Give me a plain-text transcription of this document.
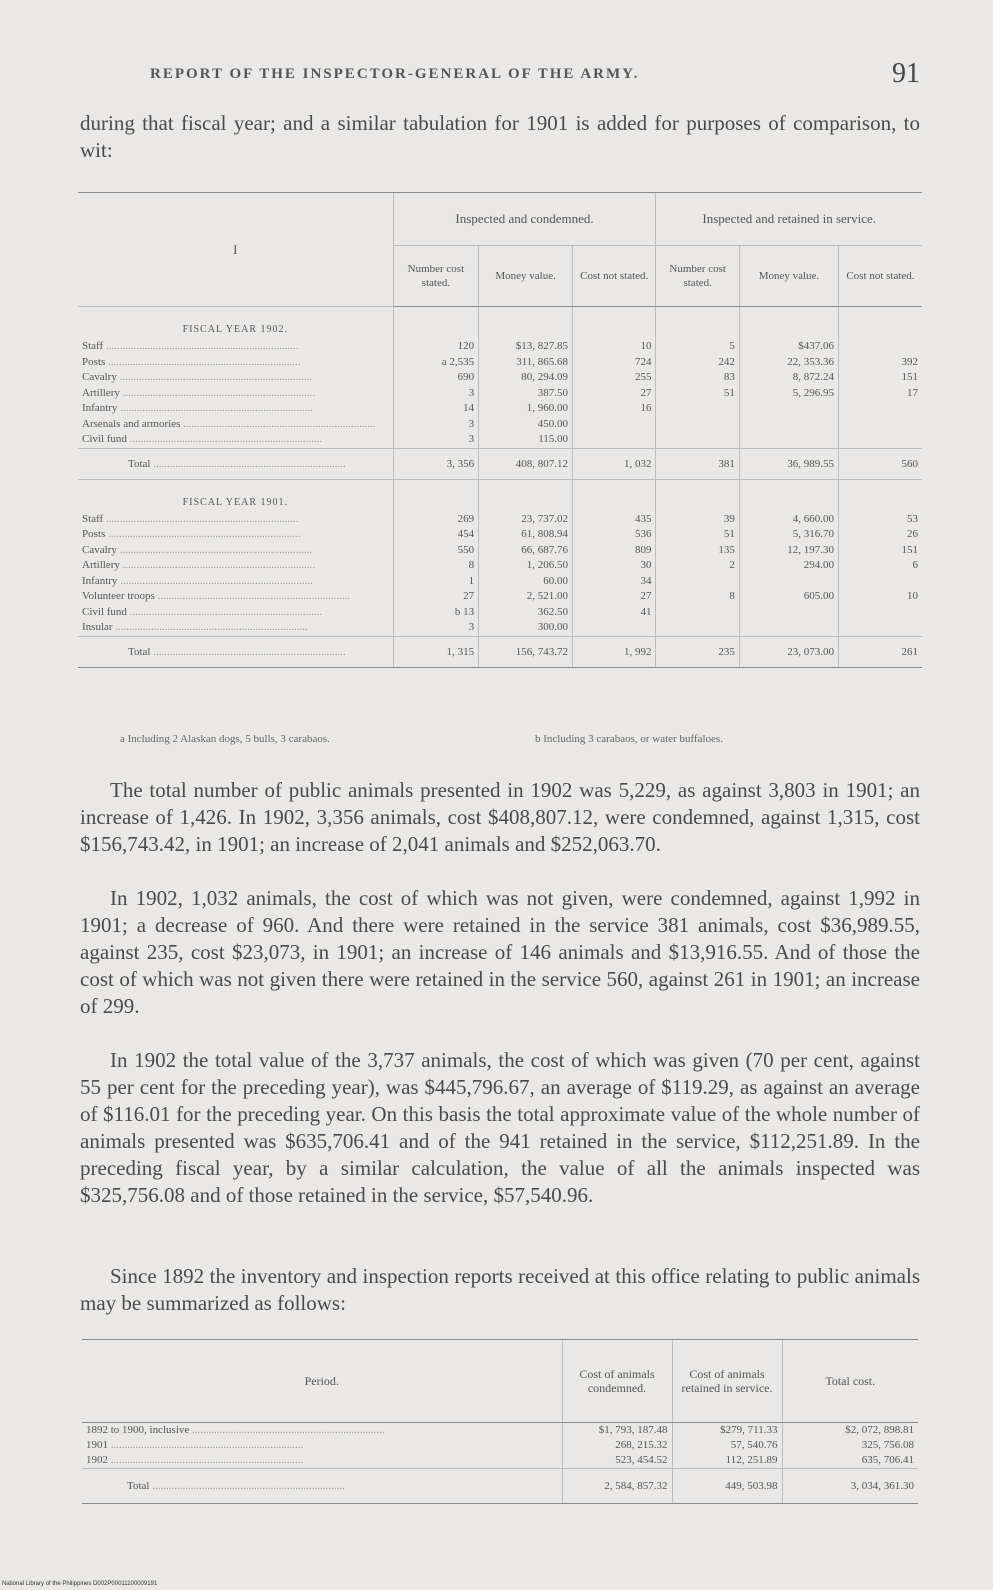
REPORT OF THE INSPECTOR-GENERAL OF THE ARMY.	91

during that fiscal year; and a similar tabulation for 1901 is added for purposes of comparison, to wit:

I	Inspected and condemned.			Inspected and retained in service.		
	Number cost stated.	Money value.	Cost not stated.	Number cost stated.	Money value.	Cost not stated.
FISCAL YEAR 1902.						
Staff .....	120	$13, 827.85	10	5	$437.06	
Posts .....	a 2,535	311, 865.68	724	242	22, 353.36	392
Cavalry .....	690	80, 294.09	255	83	8, 872.24	151
Artillery .....	3	387.50	27	51	5, 296.95	17
Infantry .....	14	1, 960.00	16			
Arsenals and armories .....	3	450.00				
Civil fund .....	3	115.00				
Total .....	3, 356	408, 807.12	1, 032	381	36, 989.55	560
FISCAL YEAR 1901.						
Staff .....	269	23, 737.02	435	39	4, 660.00	53
Posts .....	454	61, 808.94	536	51	5, 316.70	26
Cavalry .....	550	66, 687.76	809	135	12, 197.30	151
Artillery .....	8	1, 206.50	30	2	294.00	6
Infantry .....	1	60.00	34			
Volunteer troops .....	27	2, 521.00	27	8	605.00	10
Civil fund .....	b 13	362.50	41			
Insular .....	3	300.00				
Total .....	1, 315	156, 743.72	1, 992	235	23, 073.00	261
a Including 2 Alaskan dogs, 5 bulls, 3 carabaos.	b Including 3 carabaos, or water buffaloes.

The total number of public animals presented in 1902 was 5,229, as against 3,803 in 1901; an increase of 1,426. In 1902, 3,356 animals, cost $408,807.12, were condemned, against 1,315, cost $156,743.42, in 1901; an increase of 2,041 animals and $252,063.70.

In 1902, 1,032 animals, the cost of which was not given, were condemned, against 1,992 in 1901; a decrease of 960. And there were retained in the service 381 animals, cost $36,989.55, against 235, cost $23,073, in 1901; an increase of 146 animals and $13,916.55. And of those the cost of which was not given there were retained in the service 560, against 261 in 1901; an increase of 299.

In 1902 the total value of the 3,737 animals, the cost of which was given (70 per cent, against 55 per cent for the preceding year), was $445,796.67, an average of $119.29, as against an average of $116.01 for the preceding year. On this basis the total approximate value of the whole number of animals presented was $635,706.41 and of the 941 retained in the service, $112,251.89. In the preceding fiscal year, by a similar calculation, the value of all the animals inspected was $325,756.08 and of those retained in the service, $57,540.96.

Since 1892 the inventory and inspection reports received at this office relating to public animals may be summarized as follows:

Period.	Cost of animals condemned.	Cost of animals retained in service.	Total cost.
1892 to 1900, inclusive .....	$1, 793, 187.48	$279, 711.33	$2, 072, 898.81
1901 .....	268, 215.32	57, 540.76	325, 756.08
1902 .....	523, 454.52	112, 251.89	635, 706.41
Total .....	2, 584, 857.32	449, 503.98	3, 034, 361.30
National Library of the Philippines D002P00011100009191
